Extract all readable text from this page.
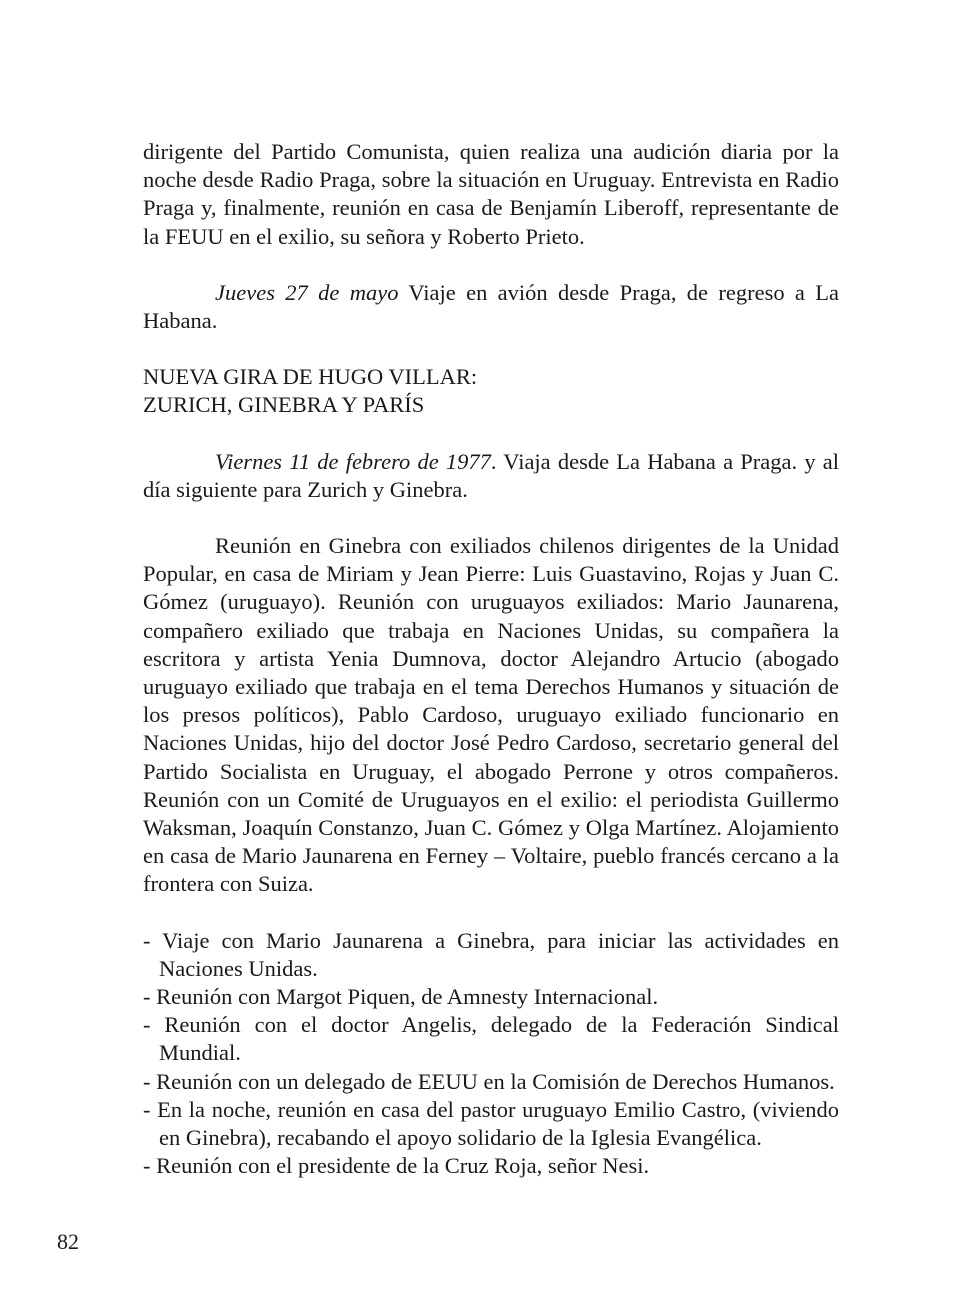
dirigente del Partido Comunista, quien realiza una audición diaria por la noche desde Radio Praga, sobre la situación en Uruguay. Entrevista en Radio Praga y, finalmente, reunión en casa de Benjamín Liberoff, representante de la FEUU en el exilio, su señora y Roberto Prieto.

Jueves 27 de mayo Viaje en avión desde Praga, de regreso a La Habana.

NUEVA GIRA DE HUGO VILLAR:
ZURICH, GINEBRA Y PARÍS

Viernes 11 de febrero de 1977. Viaja desde La Habana a Praga. y al día siguiente para Zurich y Ginebra.

Reunión en Ginebra con exiliados chilenos dirigentes de la Unidad Popular, en casa de Miriam y Jean Pierre: Luis Guastavino, Rojas y Juan C. Gómez (uruguayo). Reunión con uruguayos exiliados: Mario Jaunarena, compañero exiliado que trabaja en Naciones Unidas, su compañera la escritora y artista Yenia Dumnova, doctor Alejandro Artucio (abogado uruguayo exiliado que trabaja en el tema Derechos Humanos y situación de los presos políticos), Pablo Cardoso, uruguayo exiliado funcionario en Naciones Unidas, hijo del doctor José Pedro Cardoso, secretario general del Partido Socialista en Uruguay, el abogado Perrone y otros compañeros. Reunión con un Comité de Uruguayos en el exilio: el periodista Guillermo Waksman, Joaquín Constanzo, Juan C. Gómez y Olga Martínez. Alojamiento en casa de Mario Jaunarena en Ferney – Voltaire, pueblo francés cercano a la frontera con Suiza.

- Viaje con Mario Jaunarena a Ginebra, para iniciar las actividades en Naciones Unidas.
- Reunión con Margot Piquen, de Amnesty Internacional.
- Reunión con el doctor Angelis, delegado de la Federación Sindical Mundial.
- Reunión con un delegado de EEUU en la Comisión de Derechos Humanos.
- En la noche, reunión en casa del pastor uruguayo Emilio Castro, (viviendo en Ginebra), recabando el apoyo solidario de la Iglesia Evangélica.
- Reunión con el presidente de la Cruz Roja, señor Nesi.
82
